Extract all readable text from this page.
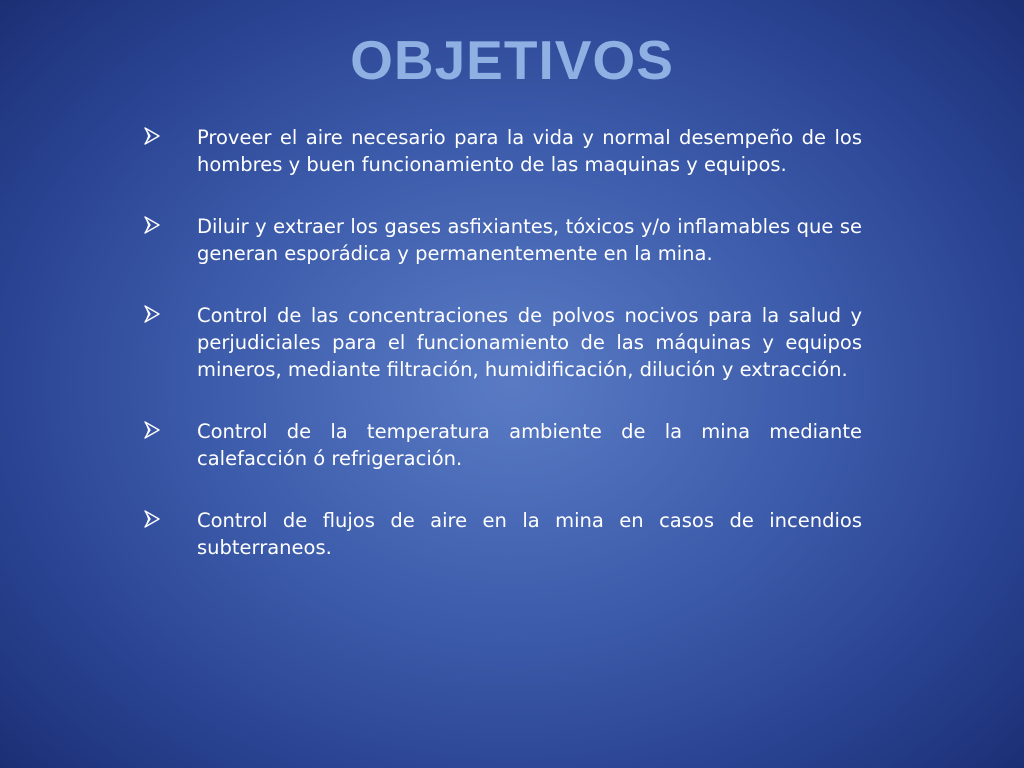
OBJETIVOS
Proveer el aire necesario para la vida y normal desempeño de los hombres y buen funcionamiento de las maquinas y equipos.
Diluir y extraer los gases asfixiantes, tóxicos y/o inflamables que se generan esporádica y permanentemente en la mina.
Control de las concentraciones de polvos nocivos para la salud y perjudiciales para el funcionamiento de las máquinas y equipos mineros, mediante filtración, humidificación, dilución y extracción.
Control de la temperatura ambiente de la mina mediante calefacción ó refrigeración.
Control de flujos de aire en la mina en casos de incendios subterraneos.
